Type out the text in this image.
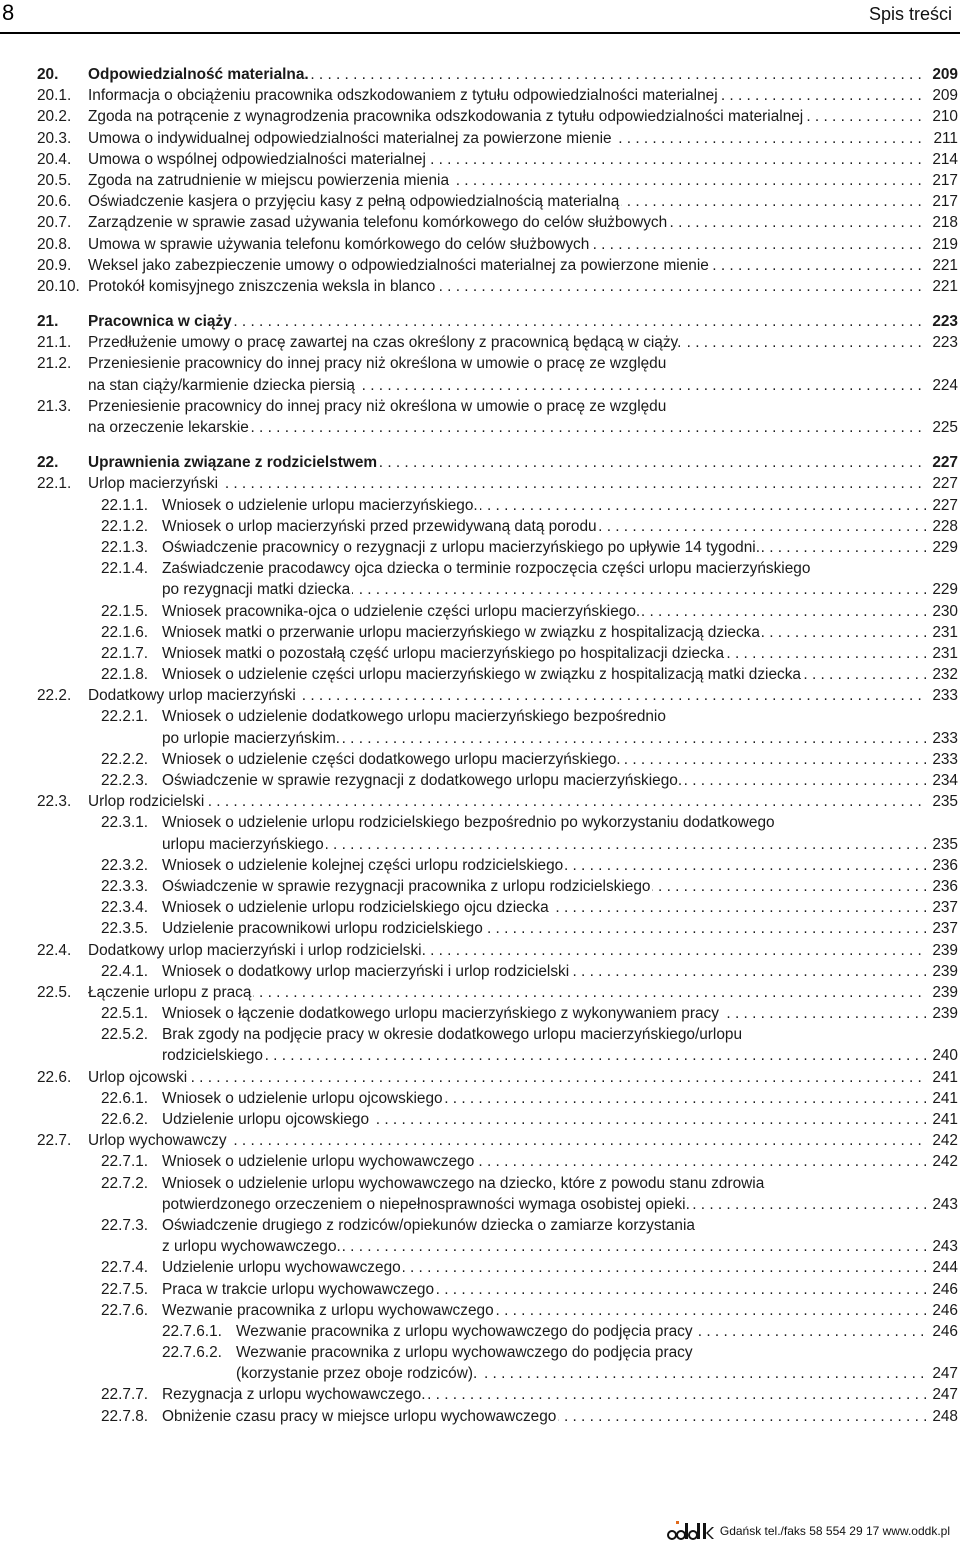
8	Spis treści
20. Odpowiedzialność materialna. . . .	209
20.1. Informacja o obciążeniu pracownika odszkodowaniem z tytułu odpowiedzialności materialnej . . .	209
20.2. Zgoda na potrącenie z wynagrodzenia pracownika odszkodowania z tytułu odpowiedzialności materialnej . . .	210
20.3. Umowa o indywidualnej odpowiedzialności materialnej za powierzone mienie . . .	211
20.4. Umowa o wspólnej odpowiedzialności materialnej . . .	214
20.5. Zgoda na zatrudnienie w miejscu powierzenia mienia . . .	217
20.6. Oświadczenie kasjera o przyjęciu kasy z pełną odpowiedzialnością materialną . . .	217
20.7. Zarządzenie w sprawie zasad używania telefonu komórkowego do celów służbowych . . .	218
20.8. Umowa w sprawie używania telefonu komórkowego do celów służbowych . . .	219
20.9. Weksel jako zabezpieczenie umowy o odpowiedzialności materialnej za powierzone mienie . . .	221
20.10. Protokół komisyjnego zniszczenia weksla in blanco . . .	221
21. Pracownica w ciąży . . .	223
21.1. Przedłużenie umowy o pracę zawartej na czas określony z pracownicą będącą w ciąży. . . .	223
21.2. Przeniesienie pracownicy do innej pracy niż określona w umowie o pracę ze względu
na stan ciąży/karmienie dziecka piersią . . .	224
21.3. Przeniesienie pracownicy do innej pracy niż określona w umowie o pracę ze względu
na orzeczenie lekarskie . . .	225
22. Uprawnienia związane z rodzicielstwem . . .	227
22.1. Urlop macierzyński . . .	227
22.1.1. Wniosek o udzielenie urlopu macierzyńskiego. . . .	227
22.1.2. Wniosek o urlop macierzyński przed przewidywaną datą porodu . . .	228
22.1.3. Oświadczenie pracownicy o rezygnacji z urlopu macierzyńskiego po upływie 14 tygodni. . . .	229
22.1.4. Zaświadczenie pracodawcy ojca dziecka o terminie rozpoczęcia części urlopu macierzyńskiego
po rezygnacji matki dziecka . . .	229
22.1.5. Wniosek pracownika-ojca o udzielenie części urlopu macierzyńskiego. . . .	230
22.1.6. Wniosek matki o przerwanie urlopu macierzyńskiego w związku z hospitalizacją dziecka . . .	231
22.1.7. Wniosek matki o pozostałą część urlopu macierzyńskiego po hospitalizacji dziecka . . .	231
22.1.8. Wniosek o udzielenie części urlopu macierzyńskiego w związku z hospitalizacją matki dziecka . . .	232
22.2. Dodatkowy urlop macierzyński . . .	233
22.2.1. Wniosek o udzielenie dodatkowego urlopu macierzyńskiego bezpośrednio
po urlopie macierzyńskim. . . .	233
22.2.2. Wniosek o udzielenie części dodatkowego urlopu macierzyńskiego. . . .	233
22.2.3. Oświadczenie w sprawie rezygnacji z dodatkowego urlopu macierzyńskiego. . . .	234
22.3. Urlop rodzicielski . . .	235
22.3.1. Wniosek o udzielenie urlopu rodzicielskiego bezpośrednio po wykorzystaniu dodatkowego
urlopu macierzyńskiego . . .	235
22.3.2. Wniosek o udzielenie kolejnej części urlopu rodzicielskiego . . .	236
22.3.3. Oświadczenie w sprawie rezygnacji pracownika z urlopu rodzicielskiego . . .	236
22.3.4. Wniosek o udzielenie urlopu rodzicielskiego ojcu dziecka . . .	237
22.3.5. Udzielenie pracownikowi urlopu rodzicielskiego . . .	237
22.4. Dodatkowy urlop macierzyński i urlop rodzicielski. . . .	239
22.4.1. Wniosek o dodatkowy urlop macierzyński i urlop rodzicielski . . .	239
22.5. Łączenie urlopu z pracą . . .	239
22.5.1. Wniosek o łączenie dodatkowego urlopu macierzyńskiego z wykonywaniem pracy . . .	239
22.5.2. Brak zgody na podjęcie pracy w okresie dodatkowego urlopu macierzyńskiego/urlopu
rodzicielskiego . . .	240
22.6. Urlop ojcowski . . .	241
22.6.1. Wniosek o udzielenie urlopu ojcowskiego . . .	241
22.6.2. Udzielenie urlopu ojcowskiego . . .	241
22.7. Urlop wychowawczy . . .	242
22.7.1. Wniosek o udzielenie urlopu wychowawczego . . .	242
22.7.2. Wniosek o udzielenie urlopu wychowawczego na dziecko, które z powodu stanu zdrowia
potwierdzonego orzeczeniem o niepełnosprawności wymaga osobistej opieki. . . .	243
22.7.3. Oświadczenie drugiego z rodziców/opiekunów dziecka o zamiarze korzystania
z urlopu wychowawczego. . . .	243
22.7.4. Udzielenie urlopu wychowawczego . . .	244
22.7.5. Praca w trakcie urlopu wychowawczego . . .	246
22.7.6. Wezwanie pracownika z urlopu wychowawczego . . .	246
22.7.6.1. Wezwanie pracownika z urlopu wychowawczego do podjęcia pracy . . .	246
22.7.6.2. Wezwanie pracownika z urlopu wychowawczego do podjęcia pracy
(korzystanie przez oboje rodziców). . . .	247
22.7.7. Rezygnacja z urlopu wychowawczego. . . .	247
22.7.8. Obniżenie czasu pracy w miejsce urlopu wychowawczego . . .	248
Gdańsk tel./faks 58 554 29 17 www.oddk.pl
